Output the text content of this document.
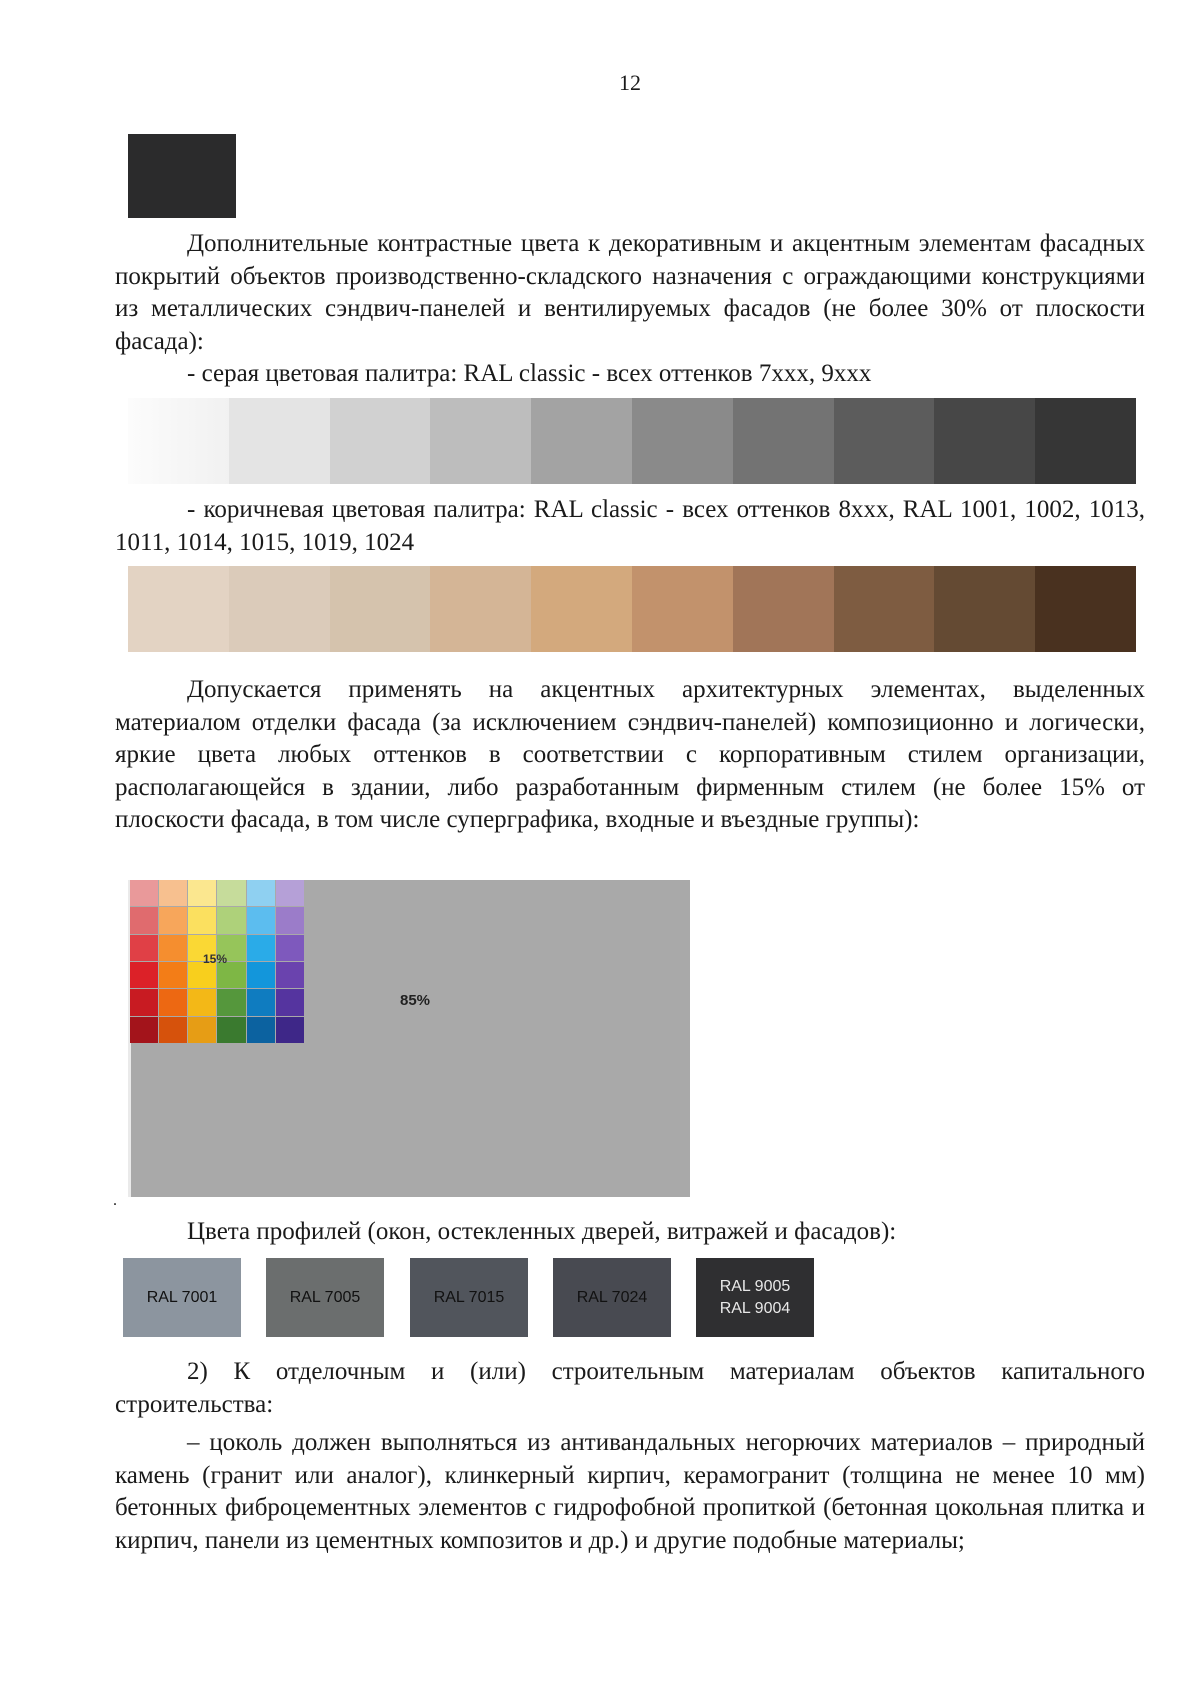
12

Дополнительные контрастные цвета к декоративным и акцентным элементам фасадных покрытий объектов производственно-складского назначения с ограждающими конструкциями из металлических сэндвич-панелей и вентилируемых фасадов (не более 30% от плоскости фасада):

- серая цветовая палитра: RAL classic - всех оттенков 7ххх, 9ххх

- коричневая цветовая палитра: RAL classic - всех оттенков 8ххх, RAL 1001, 1002, 1013, 1011, 1014, 1015, 1019, 1024

Допускается применять на акцентных архитектурных элементах, выделенных материалом отделки фасада (за исключением сэндвич-панелей) композиционно и логически, яркие цвета любых оттенков в соответствии с корпоративным стилем организации, располагающейся в здании, либо разработанным фирменным стилем (не более 15% от плоскости фасада, в том числе суперграфика, входные и въездные группы):

15%
85%
.

Цвета профилей (окон, остекленных дверей, витражей и фасадов):

RAL 7001	RAL 7005	RAL 7015	RAL 7024
RAL 9005
RAL 9004

2) К отделочным и (или) строительным материалам объектов капитального строительства:

– цоколь должен выполняться из антивандальных негорючих материалов – природный камень (гранит или аналог), клинкерный кирпич, керамогранит (толщина не менее 10 мм) бетонных фиброцементных элементов с гидрофобной пропиткой (бетонная цокольная плитка и кирпич, панели из цементных композитов и др.) и другие подобные материалы;
